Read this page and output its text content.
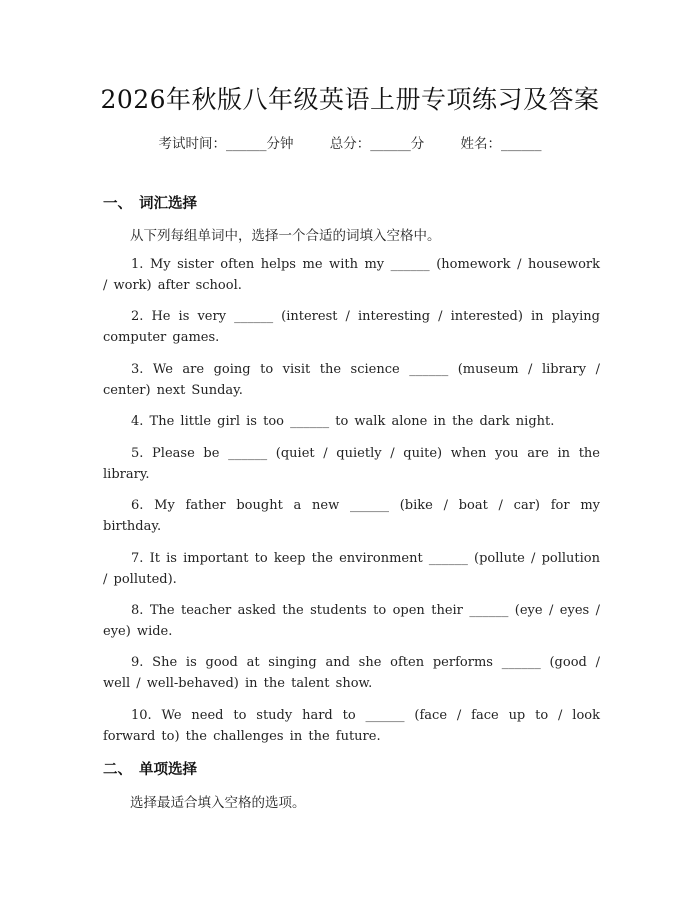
2026年秋版八年级英语上册专项练习及答案
考试时间：______分钟	总分：______分	姓名：______
一、 词汇选择
从下列每组单词中，选择一个合适的词填入空格中。
1. My sister often helps me with my ______ (homework / housework / work) after school.
2. He is very ______ (interest / interesting / interested) in playing computer games.
3. We are going to visit the science ______ (museum / library / center) next Sunday.
4. The little girl is too ______ to walk alone in the dark night.
5. Please be ______ (quiet / quietly / quite) when you are in the library.
6. My father bought a new ______ (bike / boat / car) for my birthday.
7. It is important to keep the environment ______ (pollute / pollution / polluted).
8. The teacher asked the students to open their ______ (eye / eyes / eye) wide.
9. She is good at singing and she often performs ______ (good / well / well-behaved) in the talent show.
10. We need to study hard to ______ (face / face up to / look forward to) the challenges in the future.
二、 单项选择
选择最适合填入空格的选项。
